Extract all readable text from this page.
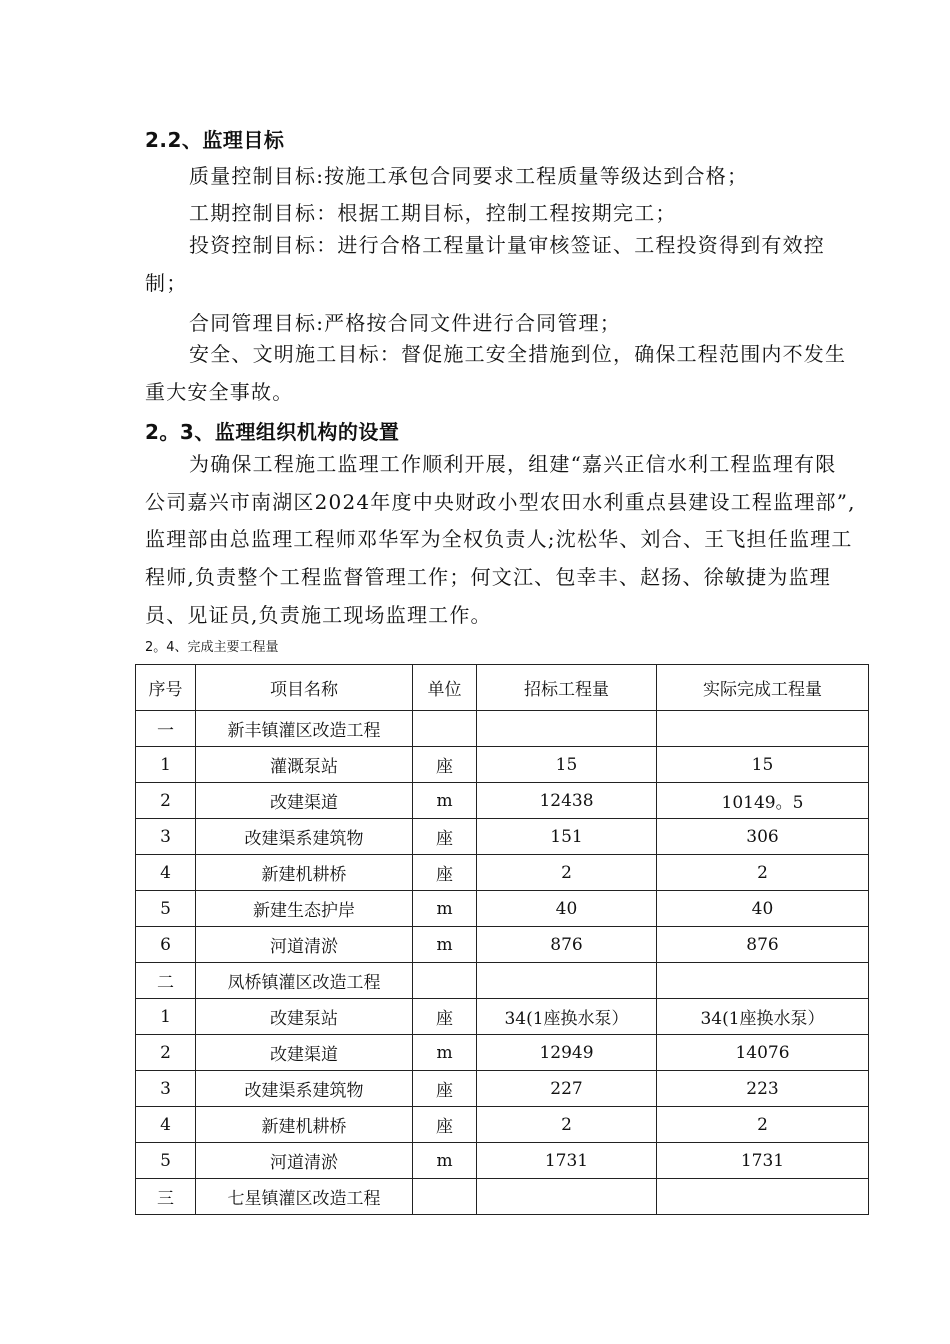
2.2、监理目标
质量控制目标:按施工承包合同要求工程质量等级达到合格；
工期控制目标：根据工期目标，控制工程按期完工；

投资控制目标：进行合格工程量计量审核签证、工程投资得到有效控制；

合同管理目标:严格按合同文件进行合同管理；

安全、文明施工目标：督促施工安全措施到位，确保工程范围内不发生重大安全事故。

2。3、监理组织机构的设置

为确保工程施工监理工作顺利开展，组建“嘉兴正信水利工程监理有限公司嘉兴市南湖区2024年度中央财政小型农田水利重点县建设工程监理部”,监理部由总监理工程师邓华军为全权负责人;沈松华、刘合、王飞担任监理工程师,负责整个工程监督管理工作；何文江、包幸丰、赵扬、徐敏捷为监理员、见证员,负责施工现场监理工作。

2。4、完成主要工程量
序号	项目名称	单位	招标工程量	实际完成工程量
一	新丰镇灌区改造工程			
1	灌溉泵站	座	15	15
2	改建渠道	m	12438	10149。5
3	改建渠系建筑物	座	151	306
4	新建机耕桥	座	2	2
5	新建生态护岸	m	40	40
6	河道清淤	m	876	876
二	凤桥镇灌区改造工程			
1	改建泵站	座	34(1座换水泵）	34(1座换水泵）
2	改建渠道	m	12949	14076
3	改建渠系建筑物	座	227	223
4	新建机耕桥	座	2	2
5	河道清淤	m	1731	1731
三	七星镇灌区改造工程			
